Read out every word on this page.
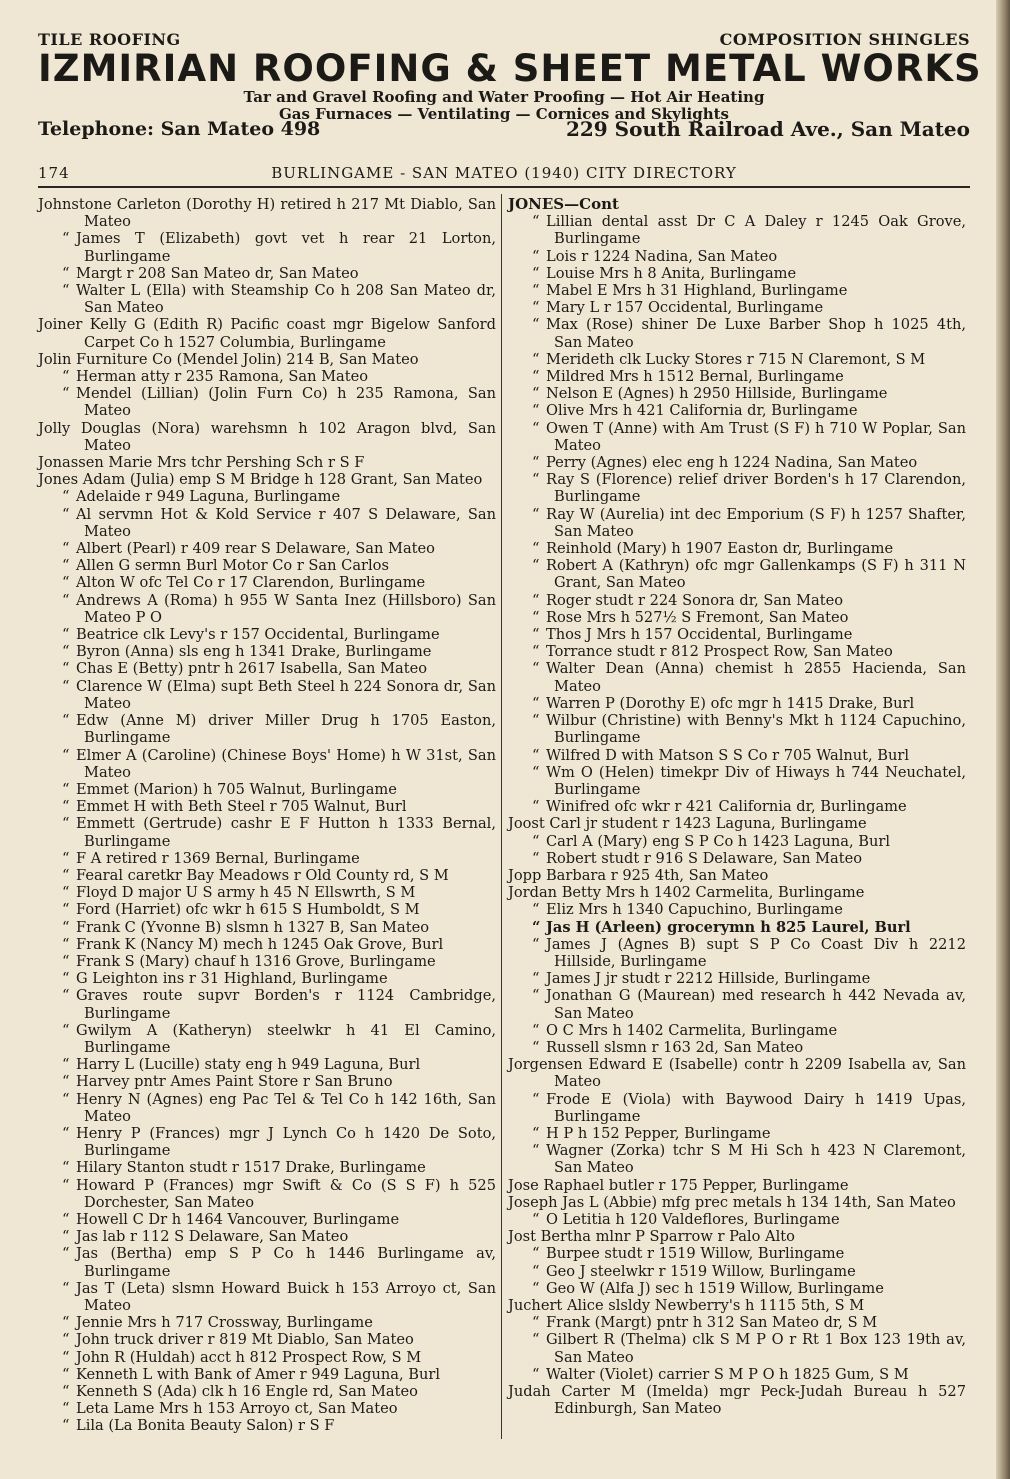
TILE ROOFING	COMPOSITION SHINGLES
IZMIRIAN ROOFING & SHEET METAL WORKS
Tar and Gravel Roofing and Water Proofing — Hot Air Heating
Gas Furnaces — Ventilating — Cornices and Skylights
Telephone: San Mateo 498	229 South Railroad Ave., San Mateo
174	BURLINGAME - SAN MATEO (1940) CITY DIRECTORY
Johnstone Carleton (Dorothy H) retired h 217 Mt Diablo, San Mateo
“ James T (Elizabeth) govt vet h rear 21 Lorton, Burlingame
“ Margt r 208 San Mateo dr, San Mateo
“ Walter L (Ella) with Steamship Co h 208 San Mateo dr, San Mateo
Joiner Kelly G (Edith R) Pacific coast mgr Bigelow Sanford Carpet Co h 1527 Columbia, Burlingame
Jolin Furniture Co (Mendel Jolin) 214 B, San Mateo
“ Herman atty r 235 Ramona, San Mateo
“ Mendel (Lillian) (Jolin Furn Co) h 235 Ramona, San Mateo
Jolly Douglas (Nora) warehsmn h 102 Aragon blvd, San Mateo
Jonassen Marie Mrs tchr Pershing Sch r S F
Jones Adam (Julia) emp S M Bridge h 128 Grant, San Mateo
“ Adelaide r 949 Laguna, Burlingame
“ Al servmn Hot & Kold Service r 407 S Delaware, San Mateo
“ Albert (Pearl) r 409 rear S Delaware, San Mateo
“ Allen G sermn Burl Motor Co r San Carlos
“ Alton W ofc Tel Co r 17 Clarendon, Burlingame
“ Andrews A (Roma) h 955 W Santa Inez (Hillsboro) San Mateo P O
“ Beatrice clk Levy's r 157 Occidental, Burlingame
“ Byron (Anna) sls eng h 1341 Drake, Burlingame
“ Chas E (Betty) pntr h 2617 Isabella, San Mateo
“ Clarence W (Elma) supt Beth Steel h 224 Sonora dr, San Mateo
“ Edw (Anne M) driver Miller Drug h 1705 Easton, Burlingame
“ Elmer A (Caroline) (Chinese Boys' Home) h W 31st, San Mateo
“ Emmet (Marion) h 705 Walnut, Burlingame
“ Emmet H with Beth Steel r 705 Walnut, Burl
“ Emmett (Gertrude) cashr E F Hutton h 1333 Bernal, Burlingame
“ F A retired r 1369 Bernal, Burlingame
“ Fearal caretkr Bay Meadows r Old County rd, S M
“ Floyd D major U S army h 45 N Ellswrth, S M
“ Ford (Harriet) ofc wkr h 615 S Humboldt, S M
“ Frank C (Yvonne B) slsmn h 1327 B, San Mateo
“ Frank K (Nancy M) mech h 1245 Oak Grove, Burl
“ Frank S (Mary) chauf h 1316 Grove, Burlingame
“ G Leighton ins r 31 Highland, Burlingame
“ Graves route supvr Borden's r 1124 Cambridge, Burlingame
“ Gwilym A (Katheryn) steelwkr h 41 El Camino, Burlingame
“ Harry L (Lucille) staty eng h 949 Laguna, Burl
“ Harvey pntr Ames Paint Store r San Bruno
“ Henry N (Agnes) eng Pac Tel & Tel Co h 142 16th, San Mateo
“ Henry P (Frances) mgr J Lynch Co h 1420 De Soto, Burlingame
“ Hilary Stanton studt r 1517 Drake, Burlingame
“ Howard P (Frances) mgr Swift & Co (S S F) h 525 Dorchester, San Mateo
“ Howell C Dr h 1464 Vancouver, Burlingame
“ Jas lab r 112 S Delaware, San Mateo
“ Jas (Bertha) emp S P Co h 1446 Burlingame av, Burlingame
“ Jas T (Leta) slsmn Howard Buick h 153 Arroyo ct, San Mateo
“ Jennie Mrs h 717 Crossway, Burlingame
“ John truck driver r 819 Mt Diablo, San Mateo
“ John R (Huldah) acct h 812 Prospect Row, S M
“ Kenneth L with Bank of Amer r 949 Laguna, Burl
“ Kenneth S (Ada) clk h 16 Engle rd, San Mateo
“ Leta Lame Mrs h 153 Arroyo ct, San Mateo
“ Lila (La Bonita Beauty Salon) r S F
JONES—Cont
“ Lillian dental asst Dr C A Daley r 1245 Oak Grove, Burlingame
“ Lois r 1224 Nadina, San Mateo
“ Louise Mrs h 8 Anita, Burlingame
“ Mabel E Mrs h 31 Highland, Burlingame
“ Mary L r 157 Occidental, Burlingame
“ Max (Rose) shiner De Luxe Barber Shop h 1025 4th, San Mateo
“ Merideth clk Lucky Stores r 715 N Claremont, S M
“ Mildred Mrs h 1512 Bernal, Burlingame
“ Nelson E (Agnes) h 2950 Hillside, Burlingame
“ Olive Mrs h 421 California dr, Burlingame
“ Owen T (Anne) with Am Trust (S F) h 710 W Poplar, San Mateo
“ Perry (Agnes) elec eng h 1224 Nadina, San Mateo
“ Ray S (Florence) relief driver Borden's h 17 Clarendon, Burlingame
“ Ray W (Aurelia) int dec Emporium (S F) h 1257 Shafter, San Mateo
“ Reinhold (Mary) h 1907 Easton dr, Burlingame
“ Robert A (Kathryn) ofc mgr Gallenkamps (S F) h 311 N Grant, San Mateo
“ Roger studt r 224 Sonora dr, San Mateo
“ Rose Mrs h 527½ S Fremont, San Mateo
“ Thos J Mrs h 157 Occidental, Burlingame
“ Torrance studt r 812 Prospect Row, San Mateo
“ Walter Dean (Anna) chemist h 2855 Hacienda, San Mateo
“ Warren P (Dorothy E) ofc mgr h 1415 Drake, Burl
“ Wilbur (Christine) with Benny's Mkt h 1124 Capuchino, Burlingame
“ Wilfred D with Matson S S Co r 705 Walnut, Burl
“ Wm O (Helen) timekpr Div of Hiways h 744 Neuchatel, Burlingame
“ Winifred ofc wkr r 421 California dr, Burlingame
Joost Carl jr student r 1423 Laguna, Burlingame
“ Carl A (Mary) eng S P Co h 1423 Laguna, Burl
“ Robert studt r 916 S Delaware, San Mateo
Jopp Barbara r 925 4th, San Mateo
Jordan Betty Mrs h 1402 Carmelita, Burlingame
“ Eliz Mrs h 1340 Capuchino, Burlingame
“ Jas H (Arleen) grocerymn h 825 Laurel, Burl
“ James J (Agnes B) supt S P Co Coast Div h 2212 Hillside, Burlingame
“ James J jr studt r 2212 Hillside, Burlingame
“ Jonathan G (Maurean) med research h 442 Nevada av, San Mateo
“ O C Mrs h 1402 Carmelita, Burlingame
“ Russell slsmn r 163 2d, San Mateo
Jorgensen Edward E (Isabelle) contr h 2209 Isabella av, San Mateo
“ Frode E (Viola) with Baywood Dairy h 1419 Upas, Burlingame
“ H P h 152 Pepper, Burlingame
“ Wagner (Zorka) tchr S M Hi Sch h 423 N Claremont, San Mateo
Jose Raphael butler r 175 Pepper, Burlingame
Joseph Jas L (Abbie) mfg prec metals h 134 14th, San Mateo
“ O Letitia h 120 Valdeflores, Burlingame
Jost Bertha mlnr P Sparrow r Palo Alto
“ Burpee studt r 1519 Willow, Burlingame
“ Geo J steelwkr r 1519 Willow, Burlingame
“ Geo W (Alfa J) sec h 1519 Willow, Burlingame
Juchert Alice slsldy Newberry's h 1115 5th, S M
“ Frank (Margt) pntr h 312 San Mateo dr, S M
“ Gilbert R (Thelma) clk S M P O r Rt 1 Box 123 19th av, San Mateo
“ Walter (Violet) carrier S M P O h 1825 Gum, S M
Judah Carter M (Imelda) mgr Peck-Judah Bureau h 527 Edinburgh, San Mateo
